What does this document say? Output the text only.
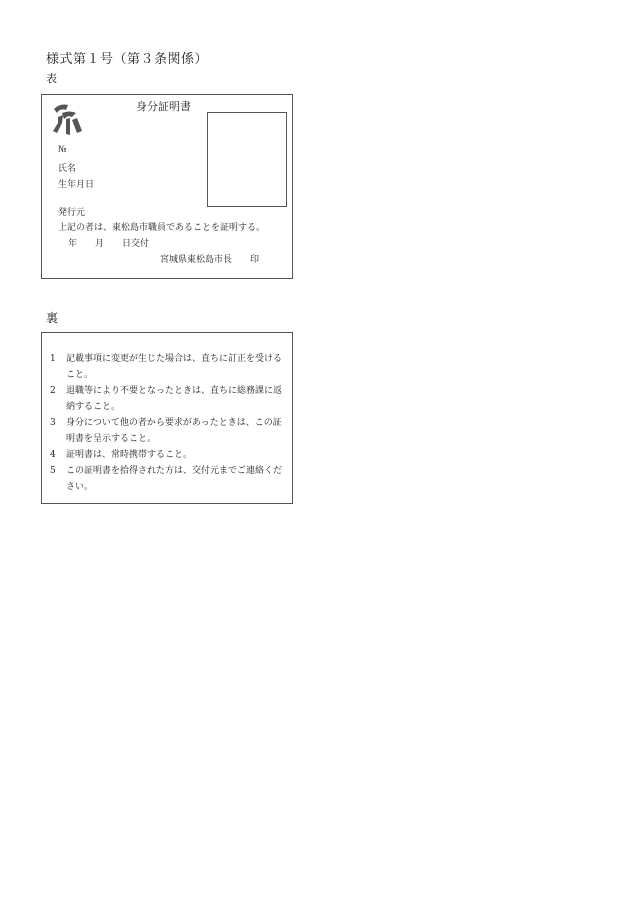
様式第１号（第３条関係）
表
身分証明書
№
氏名
生年月日
発行元
上記の者は、東松島市職員であることを証明する。
年　　月　　日交付
宮城県東松島市長　　印
裏
1	記載事項に変更が生じた場合は、直ちに訂正を受けること。
2	退職等により不要となったときは、直ちに総務課に返納すること。
3	身分について他の者から要求があったときは、この証明書を呈示すること。
4	証明書は、常時携帯すること。
5	この証明書を拾得された方は、交付元までご連絡ください。
